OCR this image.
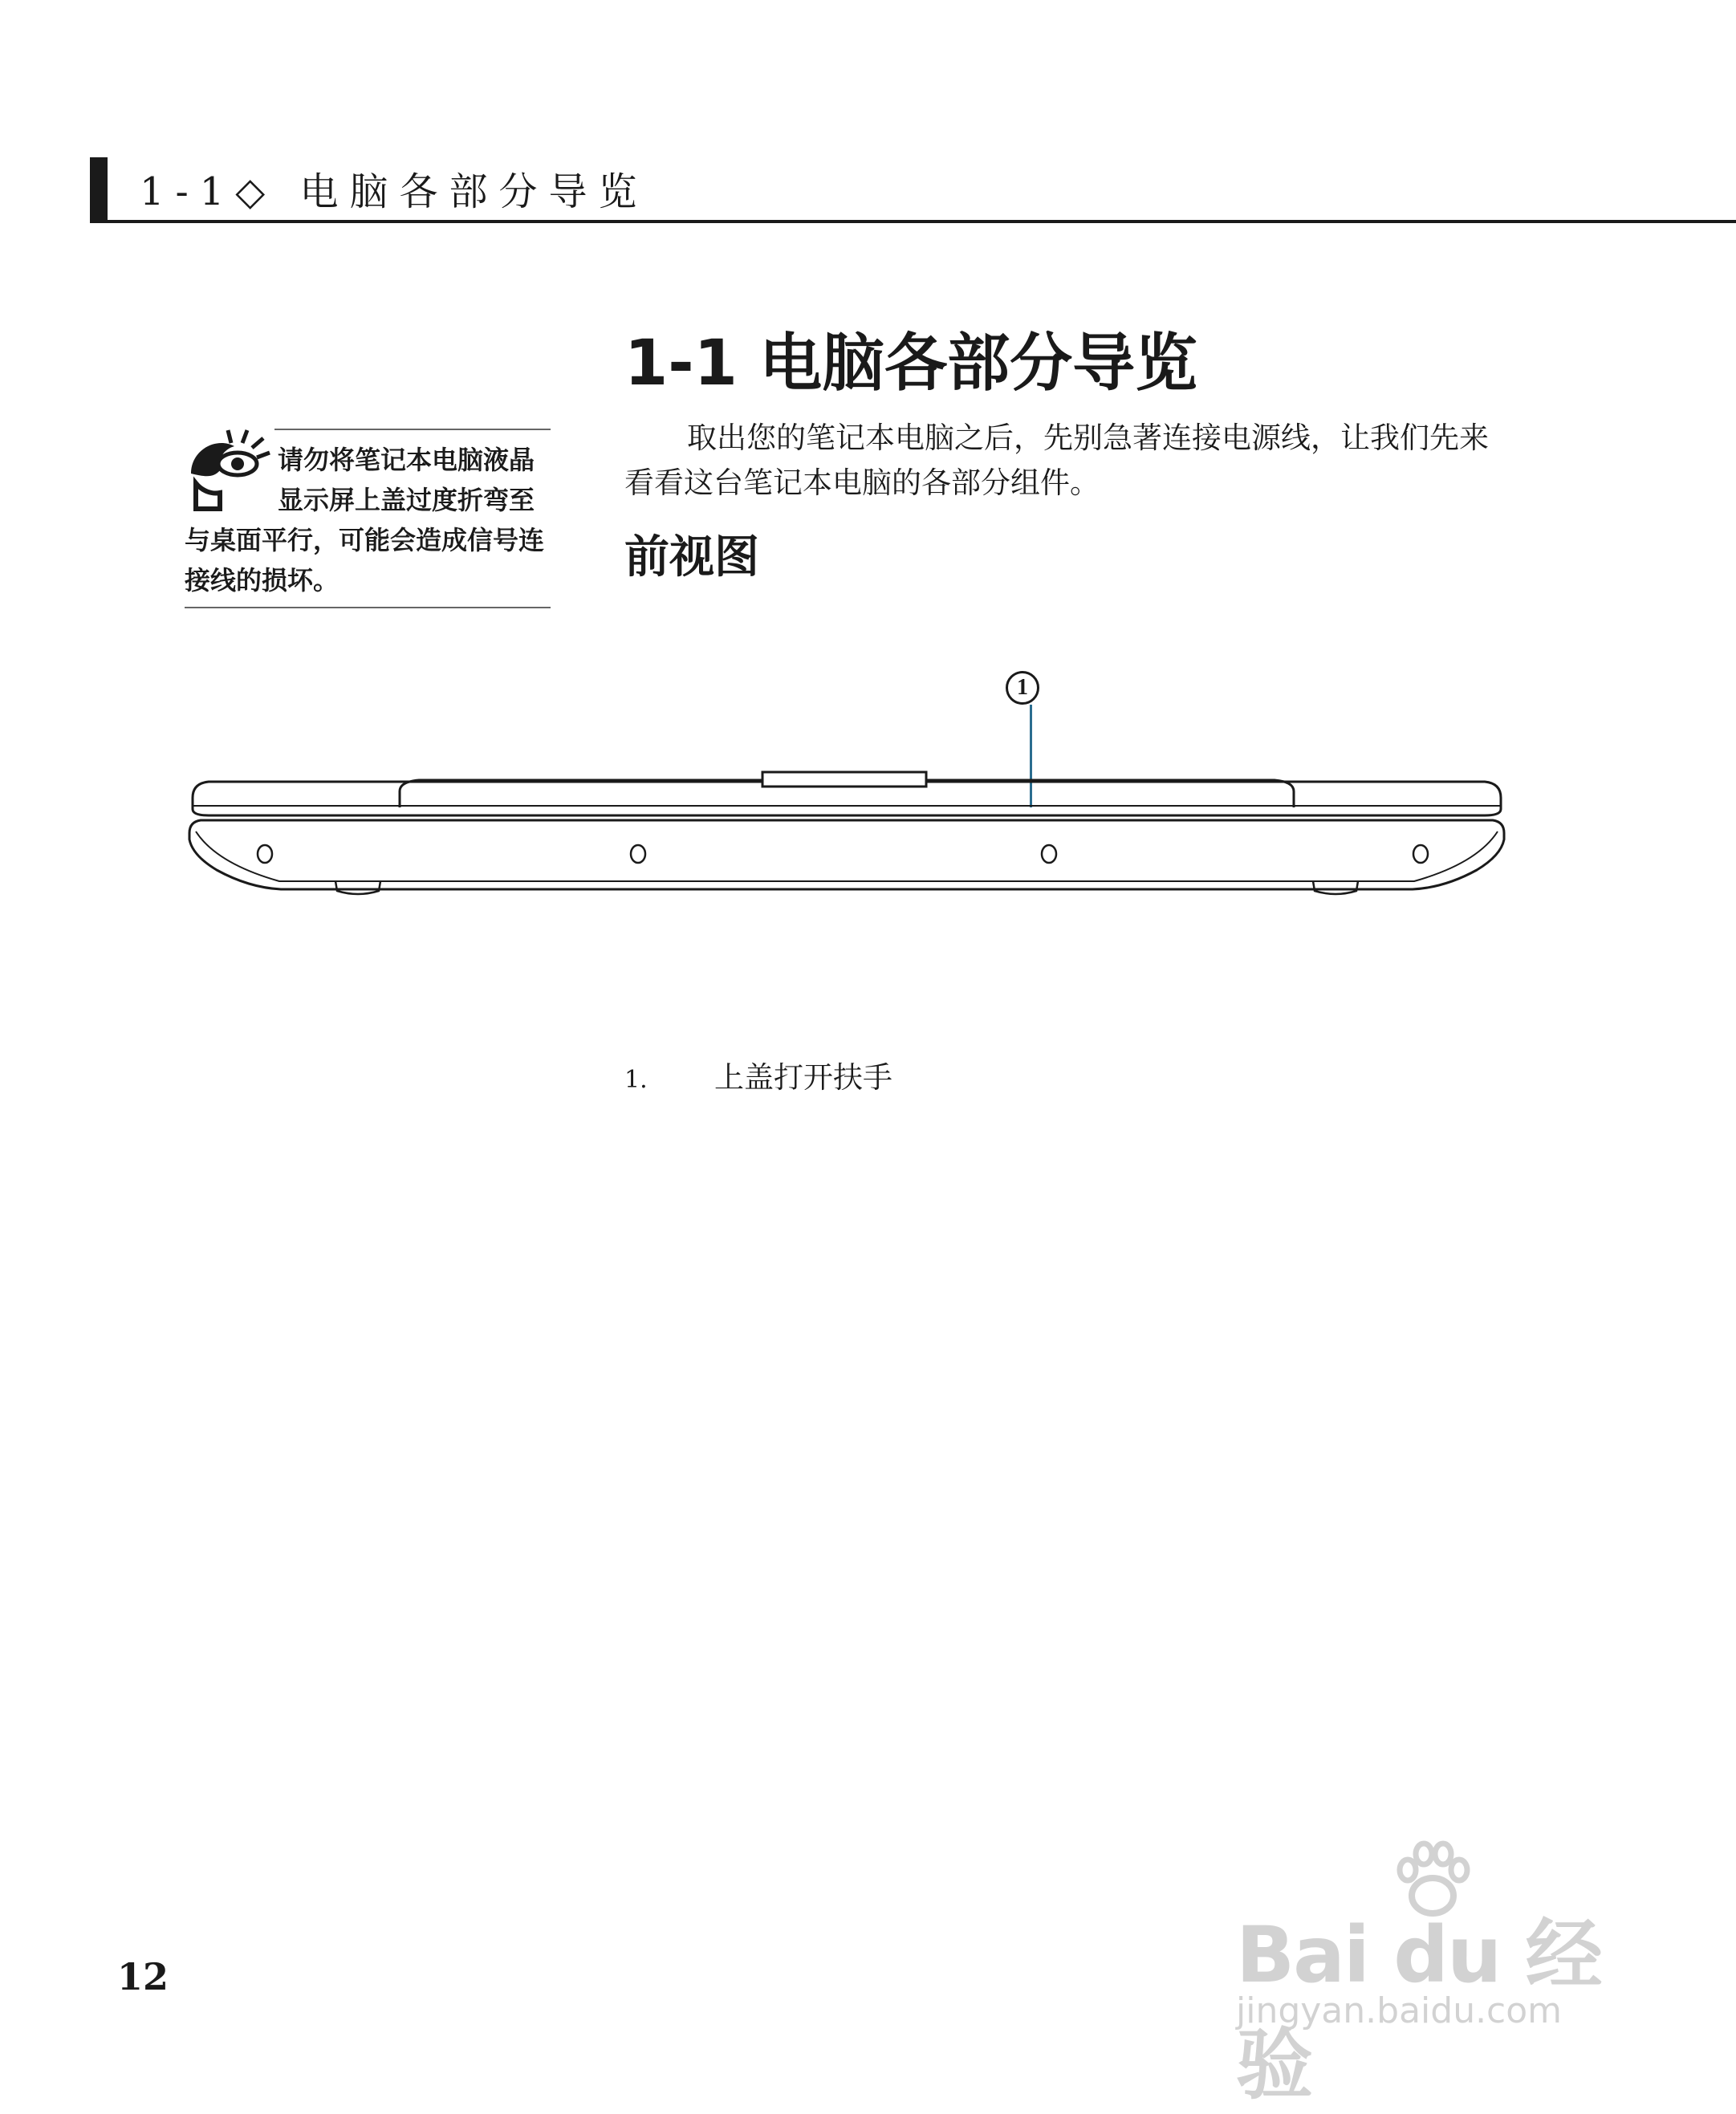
1-1◇ 电脑各部分导览
1-1 电脑各部分导览
取出您的笔记本电脑之后，先别急著连接电源线，让我们先来看看这台笔记本电脑的各部分组件。
前视图
请勿将笔记本电脑液晶显示屏上盖过度折弯至与桌面平行，可能会造成信号连接线的损坏。
1
1. 上盖打开扶手
12	Bai du 经验
jingyan.baidu.com
